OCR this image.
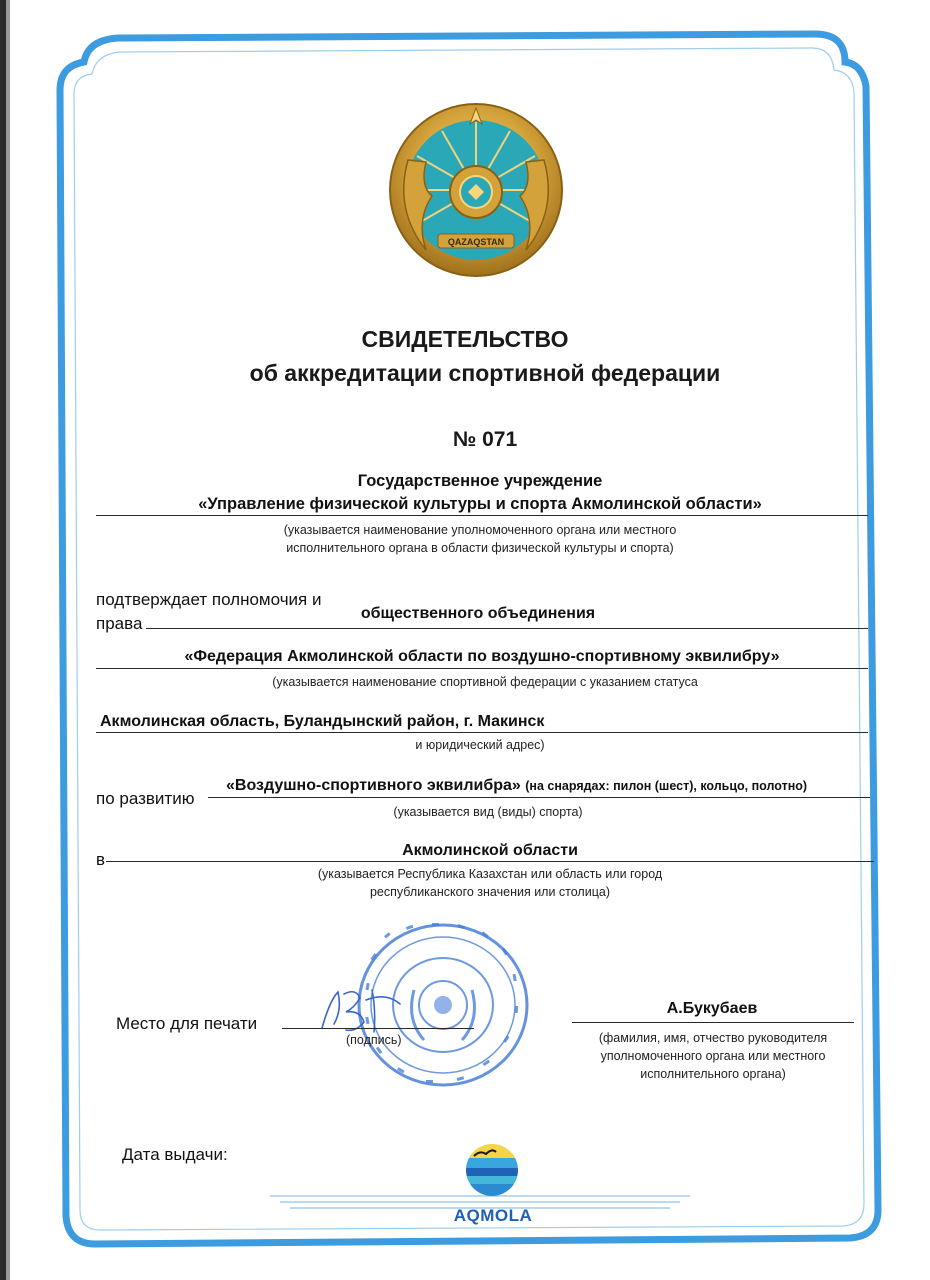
QAZAQSTAN
СВИДЕТЕЛЬСТВО
об аккредитации спортивной федерации
№ 071
Государственное учреждение
«Управление физической культуры и спорта Акмолинской области»
(указывается наименование уполномоченного органа или местного
исполнительного органа в области физической культуры и спорта)
подтверждает полномочия и
права
общественного объединения
«Федерация Акмолинской области по воздушно-спортивному эквилибру»
(указывается наименование спортивной федерации с указанием статуса
Акмолинская область, Буландынский район, г. Макинск
и юридический адрес)
по развитию
«Воздушно-спортивного эквилибра» (на снарядах: пилон (шест), кольцо, полотно)
(указывается вид (виды) спорта)
в	Акмолинской области
(указывается Республика Казахстан или область или город
республиканского значения или столица)
Место для печати
(подпись)
А.Букубаев
(фамилия, имя, отчество руководителя
уполномоченного органа или местного
исполнительного органа)
Дата выдачи:
AQMOLA
